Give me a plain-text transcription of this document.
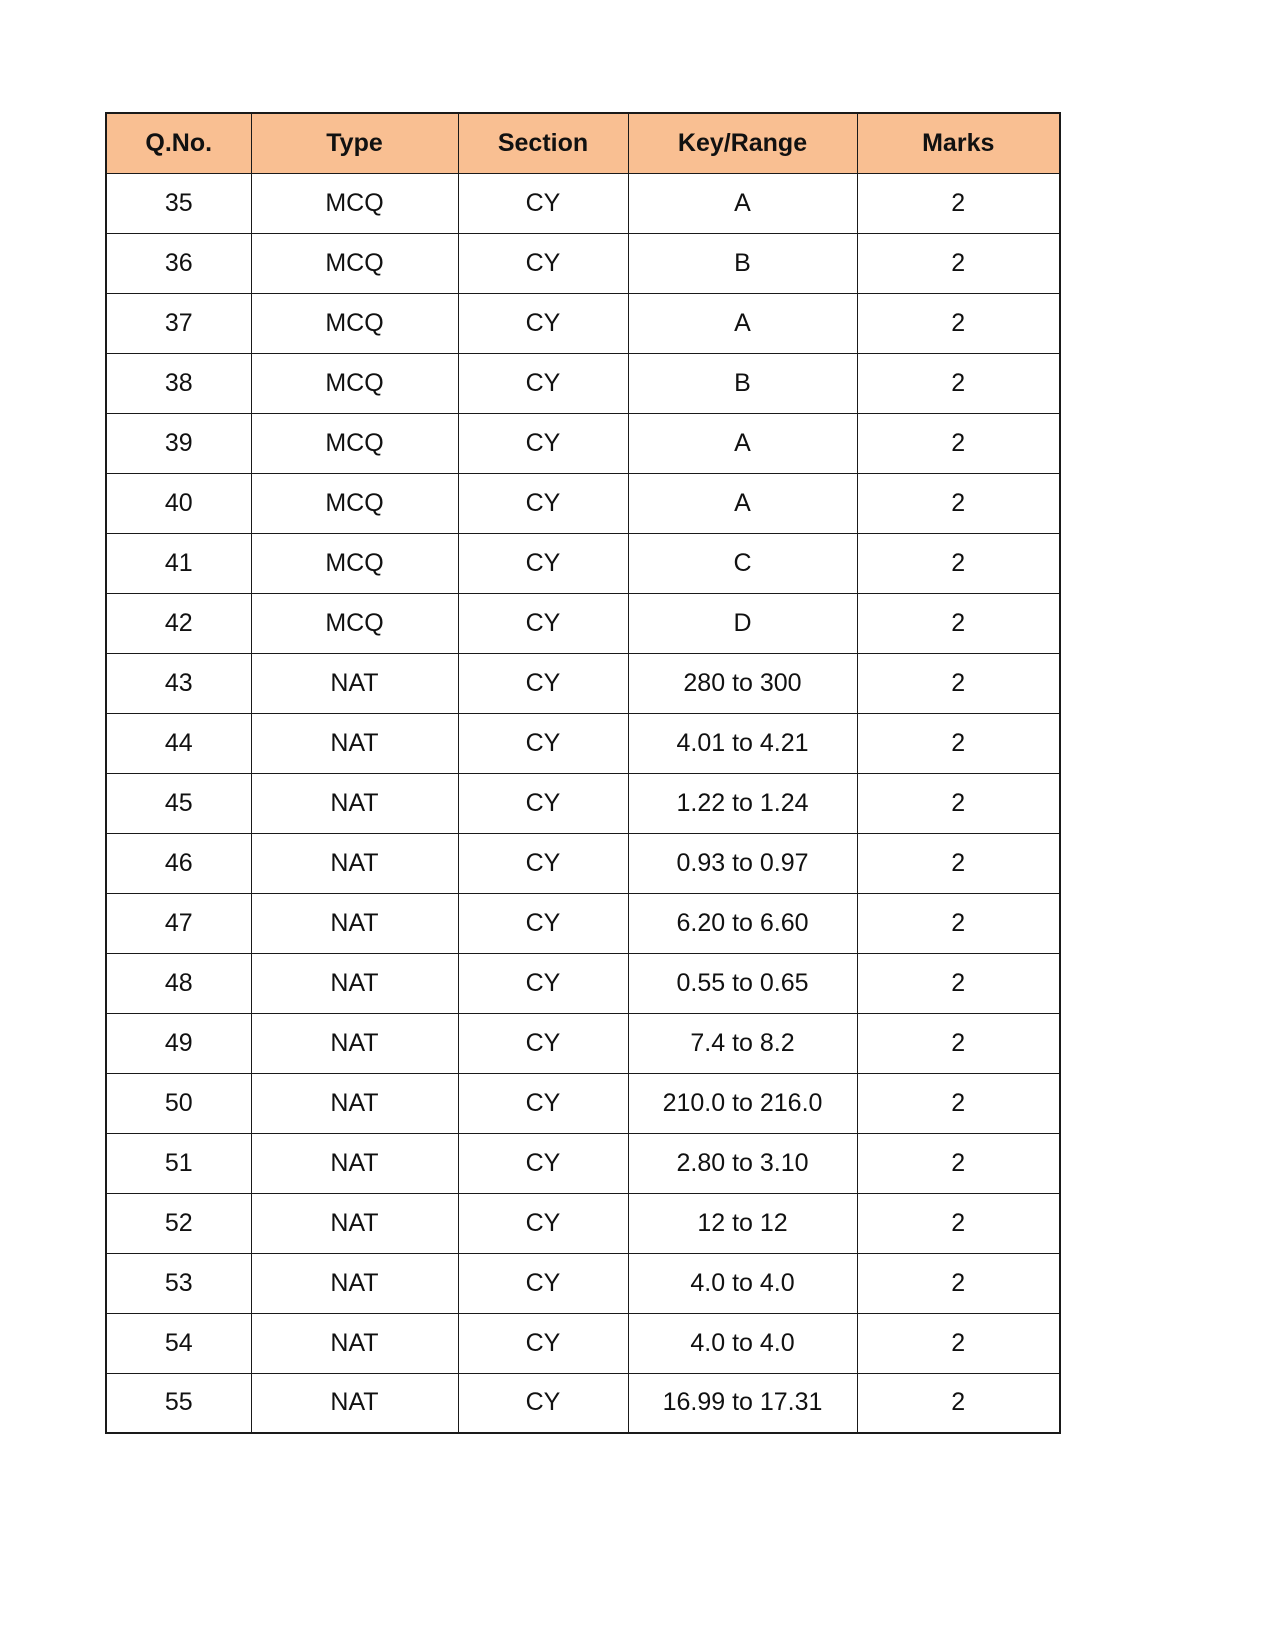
Q.No.	Type	Section	Key/Range	Marks
35	MCQ	CY	A	2
36	MCQ	CY	B	2
37	MCQ	CY	A	2
38	MCQ	CY	B	2
39	MCQ	CY	A	2
40	MCQ	CY	A	2
41	MCQ	CY	C	2
42	MCQ	CY	D	2
43	NAT	CY	280 to 300	2
44	NAT	CY	4.01 to 4.21	2
45	NAT	CY	1.22 to 1.24	2
46	NAT	CY	0.93 to 0.97	2
47	NAT	CY	6.20 to 6.60	2
48	NAT	CY	0.55 to 0.65	2
49	NAT	CY	7.4 to 8.2	2
50	NAT	CY	210.0 to 216.0	2
51	NAT	CY	2.80 to 3.10	2
52	NAT	CY	12 to 12	2
53	NAT	CY	4.0 to 4.0	2
54	NAT	CY	4.0 to 4.0	2
55	NAT	CY	16.99 to 17.31	2
